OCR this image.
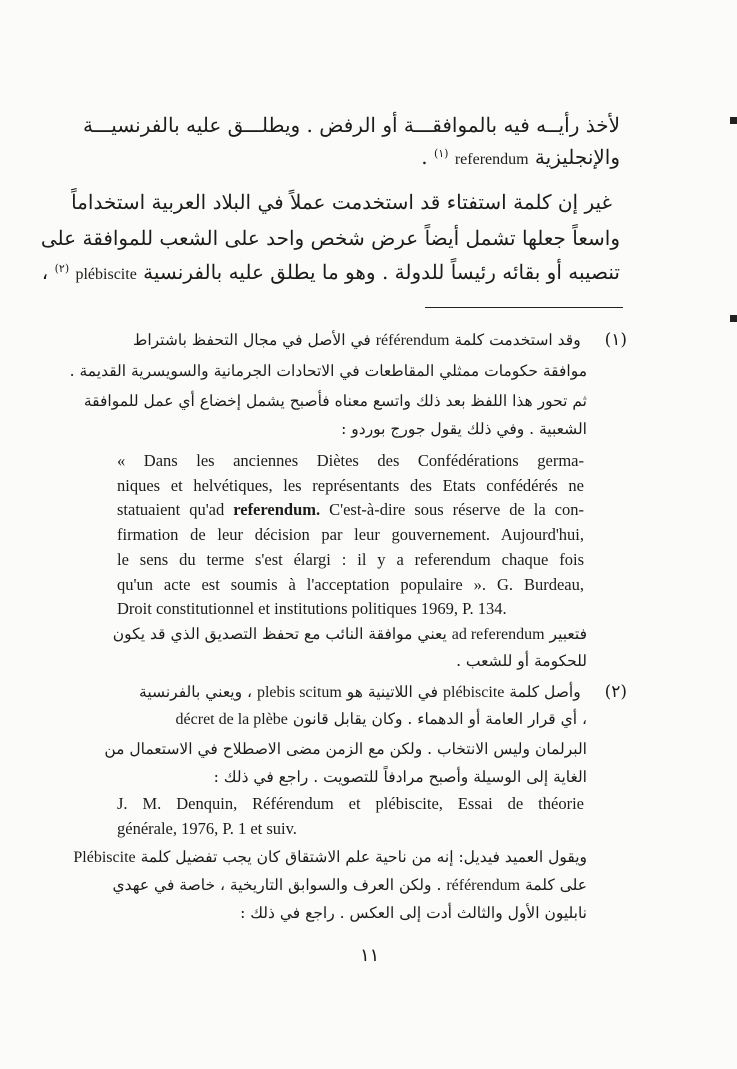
لأخذ رأيــه فيه بالموافقـــة أو الرفض . ويطلـــق عليه بالفرنسيـــة
والإنجليزية referendum $^{(١)}$ .
غير إن كلمة استفتاء قد استخدمت عملاً في البلاد العربية استخداماً
واسعاً جعلها تشمل أيضاً عرض شخص واحد على الشعب للموافقة على
تنصيبه أو بقائه رئيساً للدولة . وهو ما يطلق عليه بالفرنسية plébiscite $^{(٢)}$ ،
(١)  وقد استخدمت كلمة référendum في الأصل في مجال التحفظ باشتراط
موافقة حكومات ممثلي المقاطعات في الاتحادات الجرمانية والسويسرية القديمة .
ثم تحور هذا اللفظ بعد ذلك واتسع معناه فأصبح يشمل إخضاع أي عمل للموافقة
الشعبية . وفي ذلك يقول جورج بوردو :
« Dans les anciennes Diètes des Confédérations germa-
niques et helvétiques, les représentants des Etats confédérés ne
statuaient qu'ad referendum. C'est-à-dire sous réserve de la con-
firmation de leur décision par leur gouvernement. Aujourd'hui,
le sens du terme s'est élargi : il y a referendum chaque fois
qu'un acte est soumis à l'acceptation populaire ». G. Burdeau,
Droit constitutionnel et institutions politiques 1969, P. 134.
فتعبير ad referendum يعني موافقة النائب مع تحفظ التصديق الذي قد يكون
للحكومة أو للشعب .
(٢)  وأصل كلمة plébiscite في اللاتينية هو plebis scitum ، ويعني بالفرنسية
، أي قرار العامة أو الدهماء . وكان يقابل قانون décret de la plèbe
البرلمان وليس الانتخاب . ولكن مع الزمن مضى الاصطلاح في الاستعمال من
الغاية إلى الوسيلة وأصبح مرادفاً للتصويت . راجع في ذلك :
J. M. Denquin, Référendum et plébiscite, Essai de théorie
générale, 1976, P. 1 et suiv.
ويقول العميد فيديل: إنه من ناحية علم الاشتقاق كان يجب تفضيل كلمة Plébiscite
على كلمة référendum . ولكن العرف والسوابق التاريخية ، خاصة في عهدي
نابليون الأول والثالث أدت إلى العكس . راجع في ذلك :
١١
